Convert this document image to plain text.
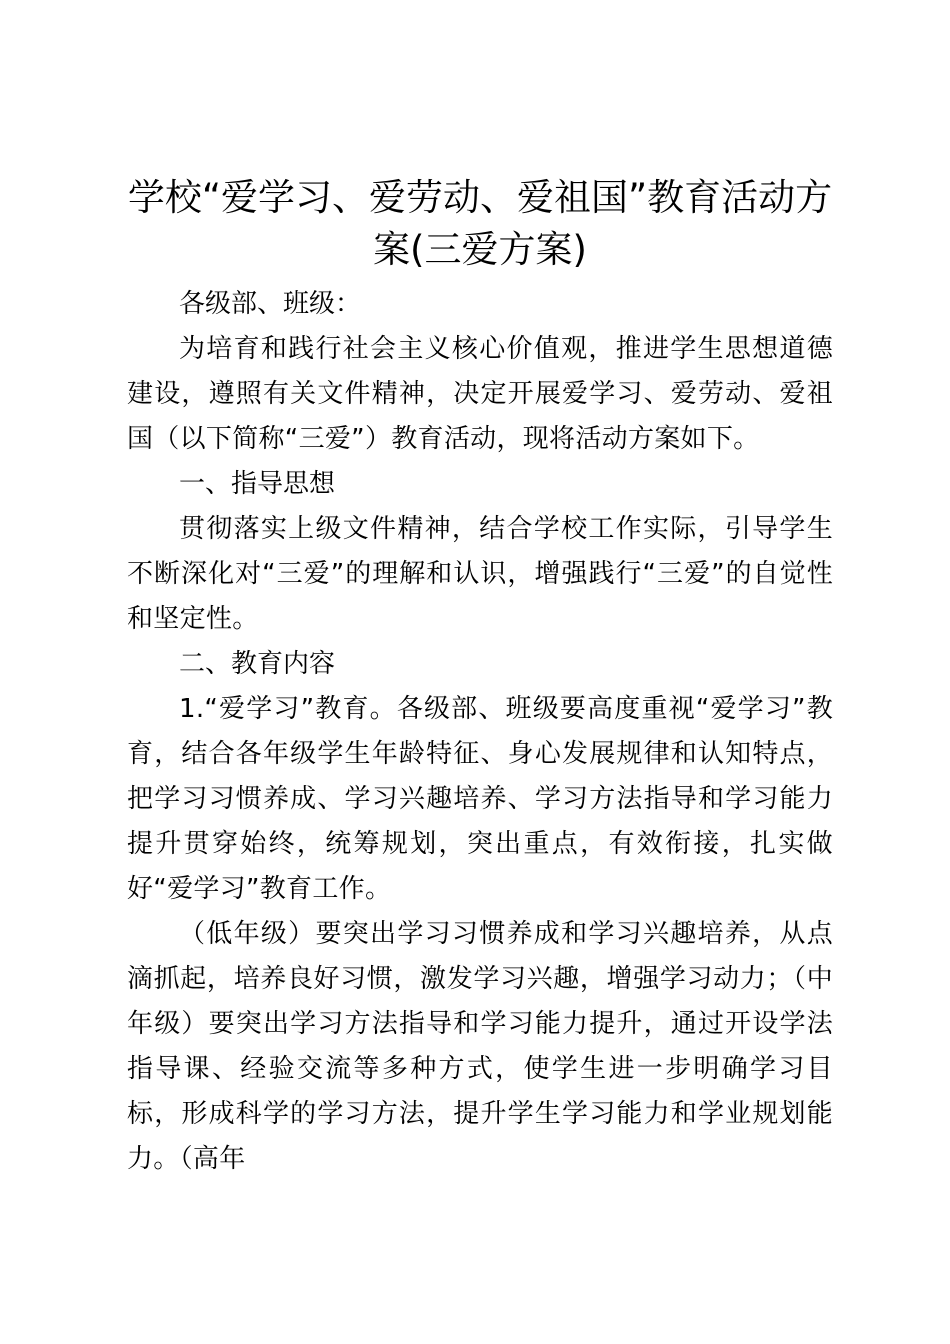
学校“爱学习、爱劳动、爱祖国”教育活动方案(三爱方案)

各级部、班级：

为培育和践行社会主义核心价值观，推进学生思想道德建设，遵照有关文件精神，决定开展爱学习、爱劳动、爱祖国（以下简称“三爱”）教育活动，现将活动方案如下。

一、指导思想

贯彻落实上级文件精神，结合学校工作实际，引导学生不断深化对“三爱”的理解和认识，增强践行“三爱”的自觉性和坚定性。

二、教育内容

1.“爱学习”教育。各级部、班级要高度重视“爱学习”教育，结合各年级学生年龄特征、身心发展规律和认知特点，把学习习惯养成、学习兴趣培养、学习方法指导和学习能力提升贯穿始终，统筹规划，突出重点，有效衔接，扎实做好“爱学习”教育工作。

（低年级）要突出学习习惯养成和学习兴趣培养，从点滴抓起，培养良好习惯，激发学习兴趣，增强学习动力；（中年级）要突出学习方法指导和学习能力提升，通过开设学法指导课、经验交流等多种方式，使学生进一步明确学习目标，形成科学的学习方法，提升学生学习能力和学业规划能力。（高年
